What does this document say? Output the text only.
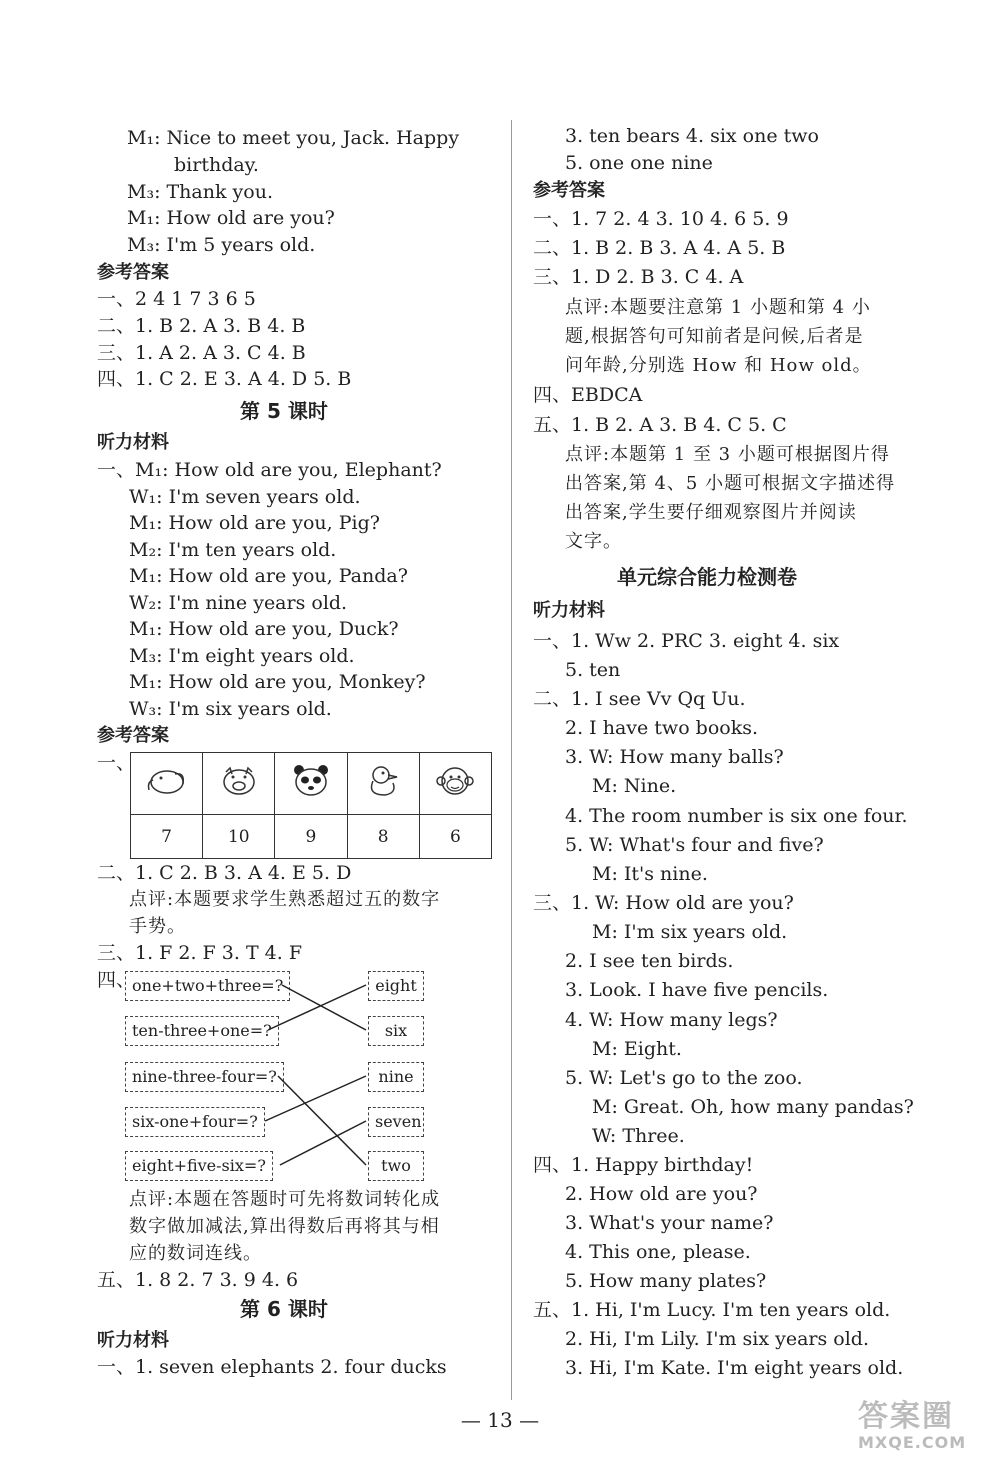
M₁: Nice to meet you, Jack. Happy
birthday.
M₃: Thank you.
M₁: How old are you?
M₃: I'm 5 years old.
参考答案
一、2 4 1 7 3 6 5
二、1. B 2. A 3. B 4. B
三、1. A 2. A 3. C 4. B
四、1. C 2. E 3. A 4. D 5. B
第 5 课时
听力材料
一、M₁: How old are you, Elephant?
W₁: I'm seven years old.
M₁: How old are you, Pig?
M₂: I'm ten years old.
M₁: How old are you, Panda?
W₂: I'm nine years old.
M₁: How old are you, Duck?
M₃: I'm eight years old.
M₁: How old are you, Monkey?
W₃: I'm six years old.
参考答案
一、

7	10	9	8	6
二、1. C 2. B 3. A 4. E 5. D
点评:本题要求学生熟悉超过五的数字
手势。
三、1. F 2. F 3. T 4. F
四、
one+two+three=?
ten-three+one=?
nine-three-four=?
six-one+four=?
eight+five-six=?
eight
six
nine
seven
two
点评:本题在答题时可先将数词转化成
数字做加减法,算出得数后再将其与相
应的数词连线。
五、1. 8 2. 7 3. 9 4. 6
第 6 课时
听力材料
一、1. seven elephants 2. four ducks
3. ten bears 4. six one two
5. one one nine
参考答案
一、1. 7 2. 4 3. 10 4. 6 5. 9
二、1. B 2. B 3. A 4. A 5. B
三、1. D 2. B 3. C 4. A
点评:本题要注意第 1 小题和第 4 小
题,根据答句可知前者是问候,后者是
问年龄,分别选 How 和 How old。
四、EBDCA
五、1. B 2. A 3. B 4. C 5. C
点评:本题第 1 至 3 小题可根据图片得
出答案,第 4、5 小题可根据文字描述得
出答案,学生要仔细观察图片并阅读
文字。
单元综合能力检测卷
听力材料
一、1. Ww 2. PRC 3. eight 4. six
5. ten
二、1. I see Vv Qq Uu.
2. I have two books.
3. W: How many balls?
M: Nine.
4. The room number is six one four.
5. W: What's four and five?
M: It's nine.
三、1. W: How old are you?
M: I'm six years old.
2. I see ten birds.
3. Look. I have five pencils.
4. W: How many legs?
M: Eight.
5. W: Let's go to the zoo.
M: Great. Oh, how many pandas?
W: Three.
四、1. Happy birthday!
2. How old are you?
3. What's your name?
4. This one, please.
5. How many plates?
五、1. Hi, I'm Lucy. I'm ten years old.
2. Hi, I'm Lily. I'm six years old.
3. Hi, I'm Kate. I'm eight years old.
— 13 —	答案圈
MXQE.COM
